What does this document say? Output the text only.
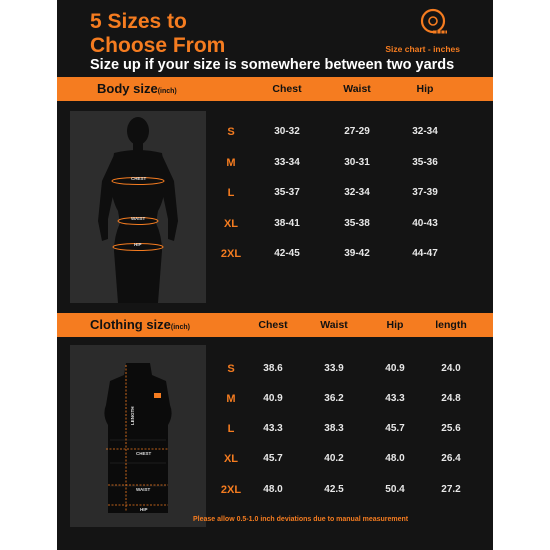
5 Sizes to
Choose From	Size chart - inches
Size up if your size is somewhere between two yards
Body size(inch)	Chest	Waist	Hip
CHEST
WAIST
HIP
S	30-32	27-29	32-34
M	33-34	30-31	35-36
L	35-37	32-34	37-39
XL	38-41	35-38	40-43
2XL	42-45	39-42	44-47
Clothing size(inch)	Chest	Waist	Hip	length
LENGTH
CHEST
WAIST
HIP
S	38.6	33.9	40.9	24.0
M	40.9	36.2	43.3	24.8
L	43.3	38.3	45.7	25.6
XL	45.7	40.2	48.0	26.4
2XL	48.0	42.5	50.4	27.2
Please allow 0.5-1.0 inch deviations due to manual measurement
